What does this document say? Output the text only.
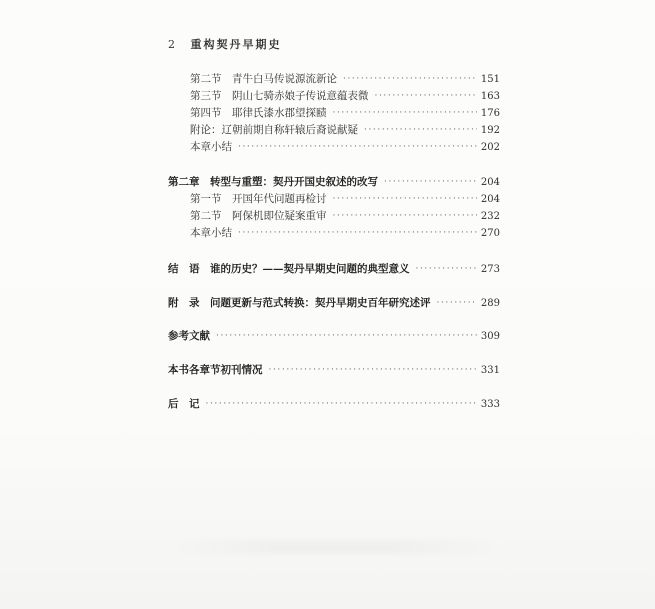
2 重构契丹早期史
第二节　青牛白马传说源流新论 ·····	151
第三节　阴山七骑赤娘子传说意蕴表微 ·····	163
第四节　耶律氏漆水郡望探赜 ·····	176
附论：辽朝前期自称轩辕后裔说献疑 ·····	192
本章小结 ·····	202
第二章　转型与重塑：契丹开国史叙述的改写 ·····	204
第一节　开国年代问题再检讨 ·····	204
第二节　阿保机即位疑案重审 ·····	232
本章小结 ·····	270
结　语　谁的历史？——契丹早期史问题的典型意义 ·····	273
附　录　问题更新与范式转换：契丹早期史百年研究述评 ·····	289
参考文献 ·····	309
本书各章节初刊情况 ·····	331
后　记 ·····	333
